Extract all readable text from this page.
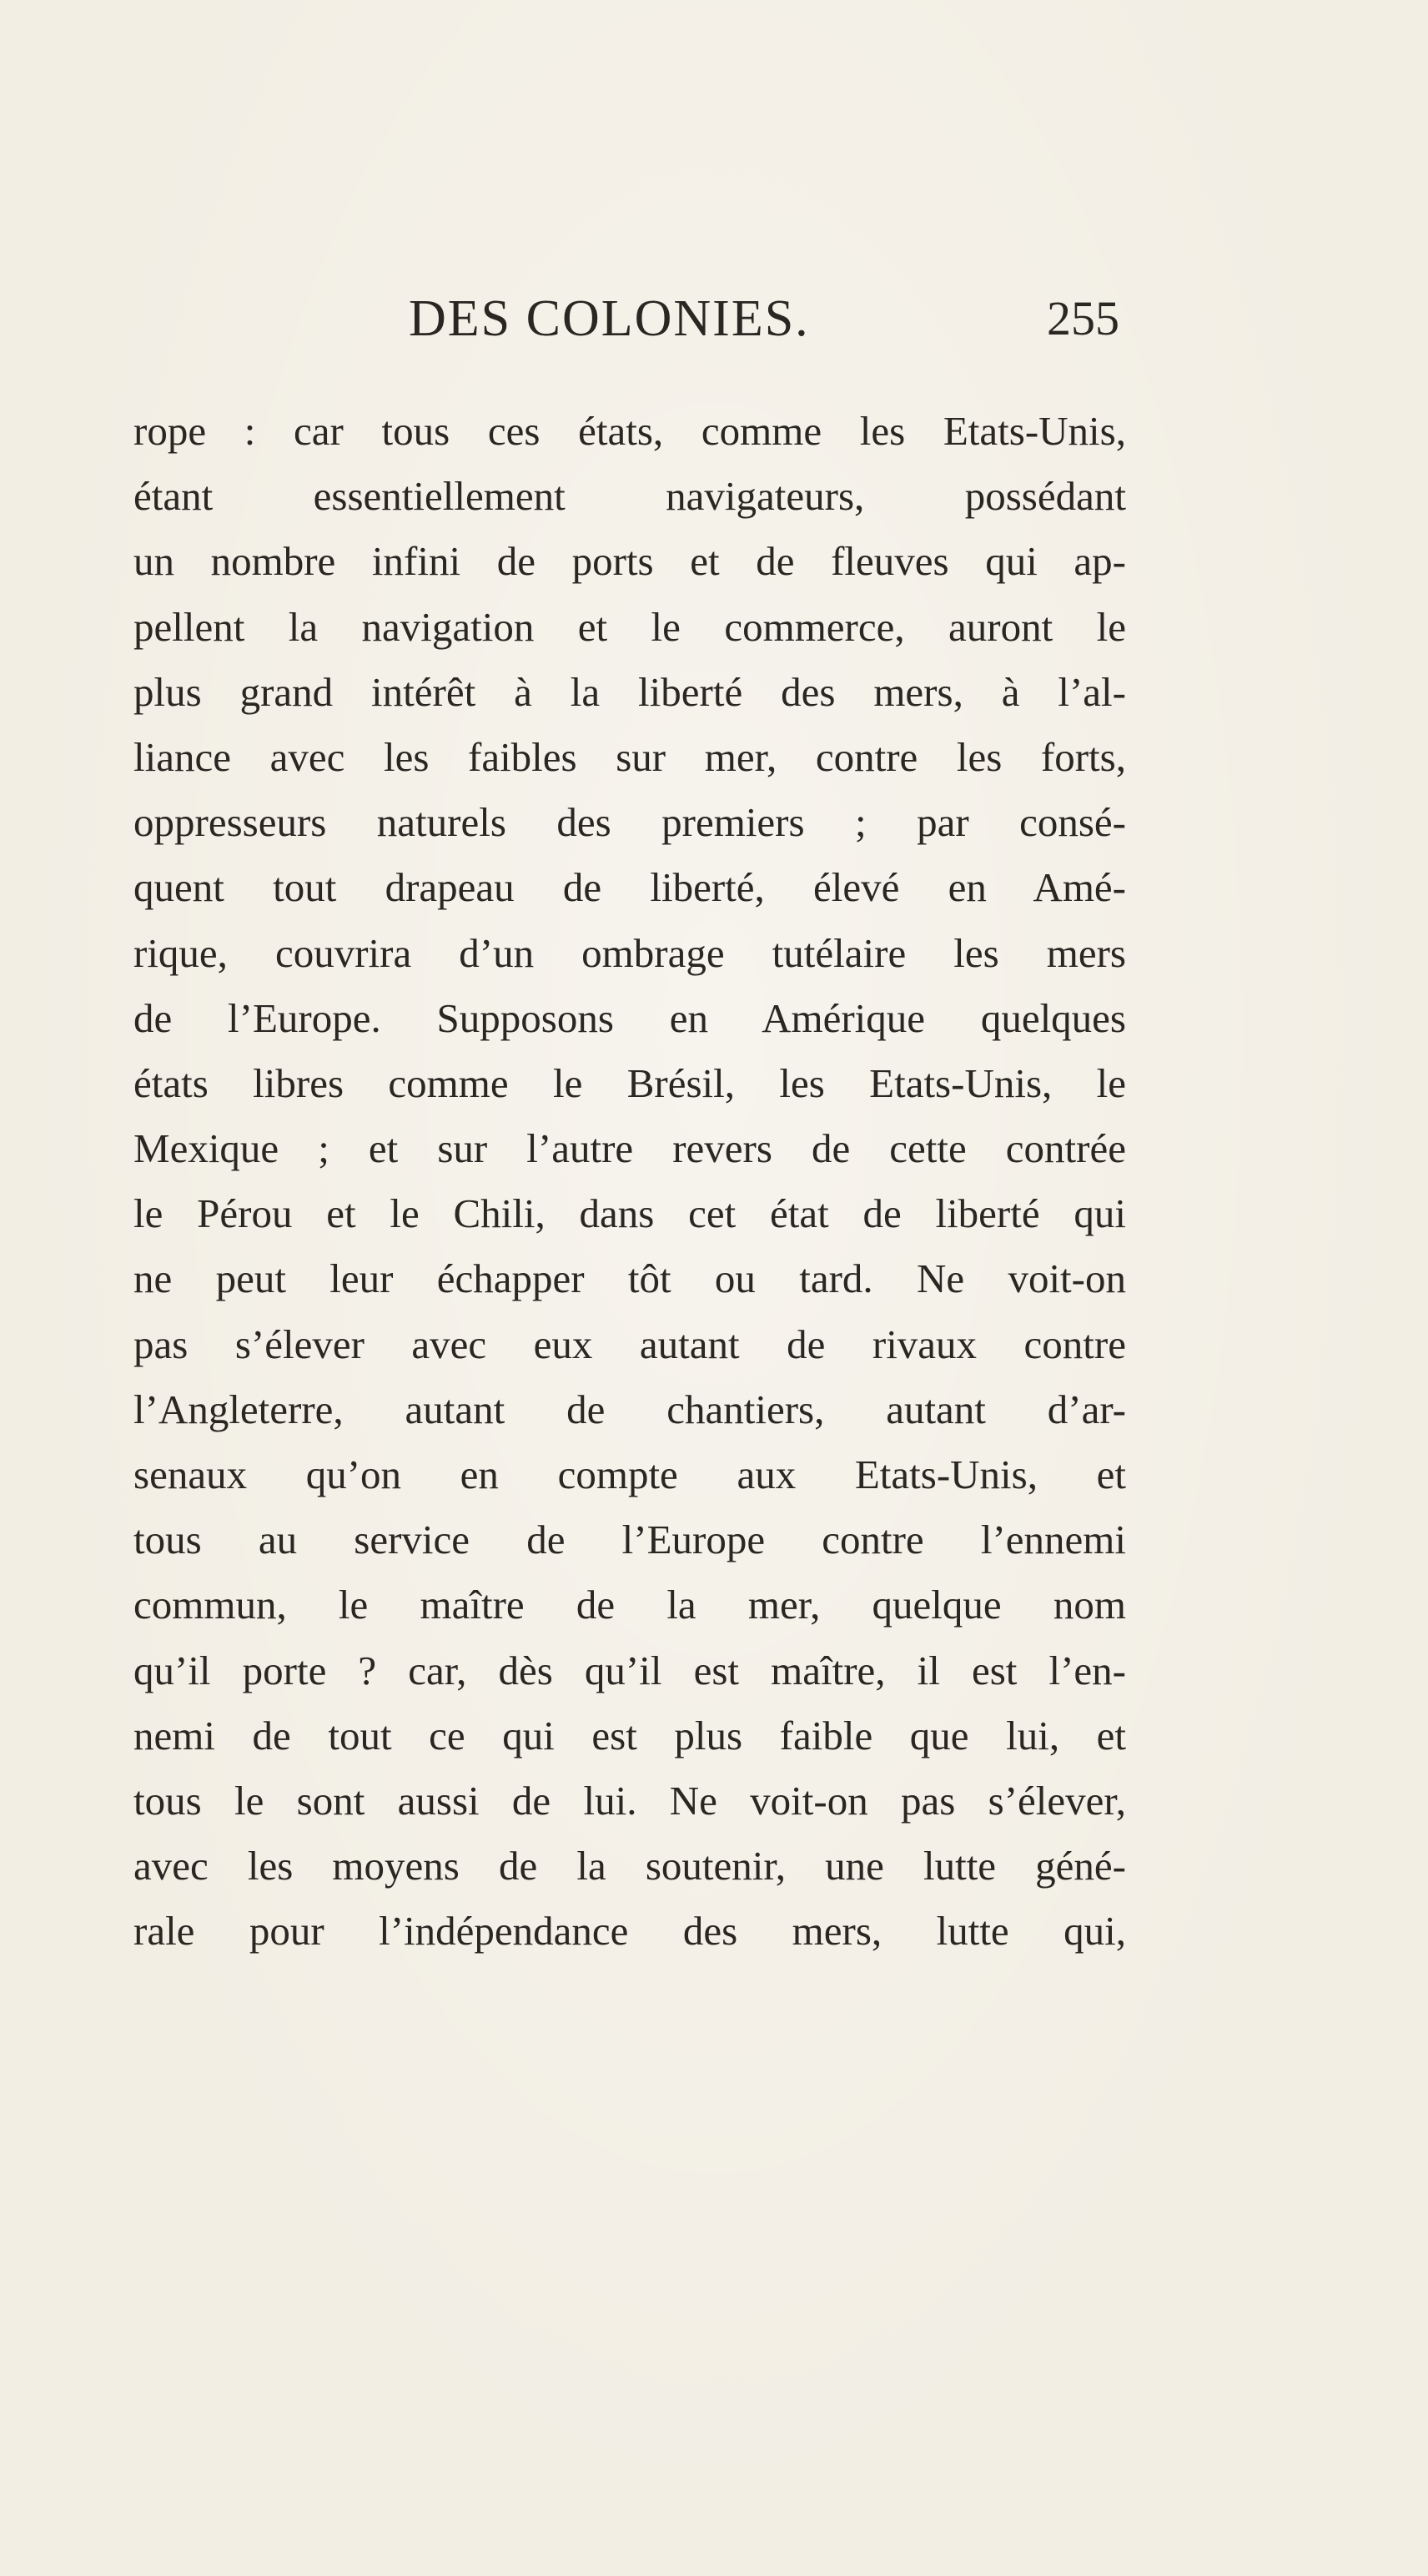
DES COLONIES.	255
rope : car tous ces états, comme les Etats-Unis,
étant essentiellement navigateurs, possédant
un nombre infini de ports et de fleuves qui ap-
pellent la navigation et le commerce, auront le
plus grand intérêt à la liberté des mers, à l’al-
liance avec les faibles sur mer, contre les forts,
oppresseurs naturels des premiers ; par consé-
quent tout drapeau de liberté, élevé en Amé-
rique, couvrira d’un ombrage tutélaire les mers
de l’Europe. Supposons en Amérique quelques
états libres comme le Brésil, les Etats-Unis, le
Mexique ; et sur l’autre revers de cette contrée
le Pérou et le Chili, dans cet état de liberté qui
ne peut leur échapper tôt ou tard. Ne voit-on
pas s’élever avec eux autant de rivaux contre
l’Angleterre, autant de chantiers, autant d’ar-
senaux qu’on en compte aux Etats-Unis, et
tous au service de l’Europe contre l’ennemi
commun, le maître de la mer, quelque nom
qu’il porte ? car, dès qu’il est maître, il est l’en-
nemi de tout ce qui est plus faible que lui, et
tous le sont aussi de lui. Ne voit-on pas s’élever,
avec les moyens de la soutenir, une lutte géné-
rale pour l’indépendance des mers, lutte qui,
